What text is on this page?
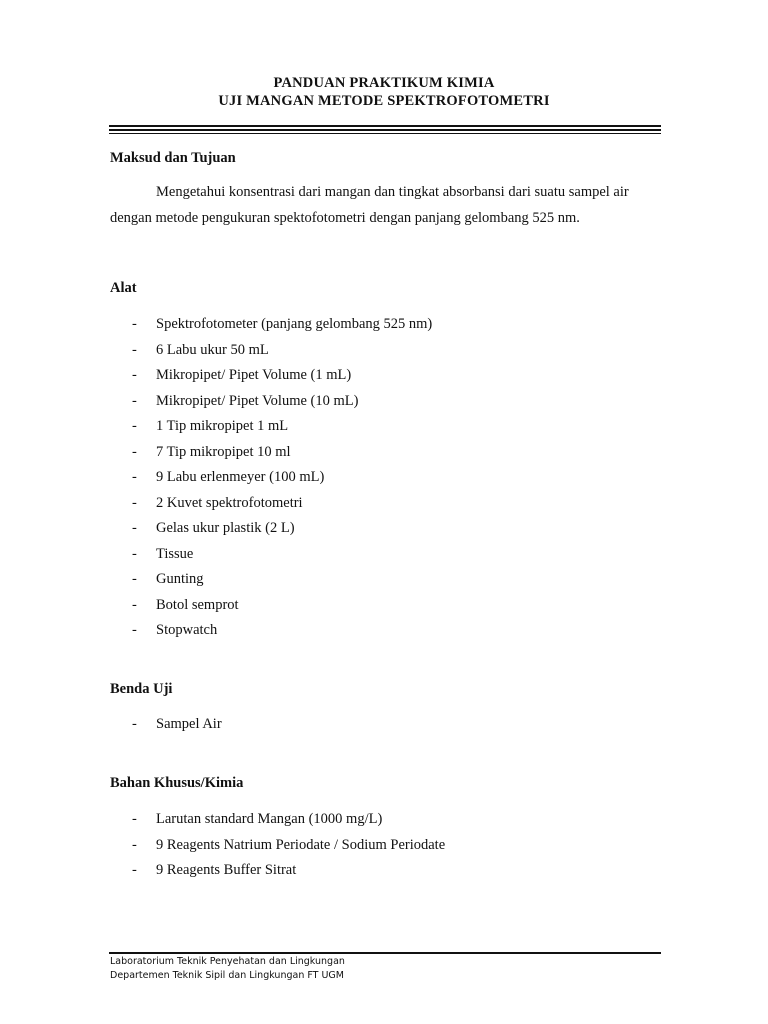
PANDUAN PRAKTIKUM KIMIA
UJI MANGAN METODE SPEKTROFOTOMETRI
Maksud dan Tujuan
Mengetahui konsentrasi dari mangan dan tingkat absorbansi dari suatu sampel air
dengan metode pengukuran spektofotometri dengan panjang gelombang 525 nm.
Alat
- Spektrofotometer (panjang gelombang 525 nm)
- 6 Labu ukur 50 mL
- Mikropipet/ Pipet Volume (1 mL)
- Mikropipet/ Pipet Volume (10 mL)
- 1 Tip mikropipet 1 mL
- 7 Tip mikropipet 10 ml
- 9 Labu erlenmeyer (100 mL)
- 2 Kuvet spektrofotometri
- Gelas ukur plastik (2 L)
- Tissue
- Gunting
- Botol semprot
- Stopwatch
Benda Uji
- Sampel Air
Bahan Khusus/Kimia
- Larutan standard Mangan (1000 mg/L)
- 9 Reagents Natrium Periodate / Sodium Periodate
- 9 Reagents Buffer Sitrat
Laboratorium Teknik Penyehatan dan Lingkungan
Departemen Teknik Sipil dan Lingkungan FT UGM
